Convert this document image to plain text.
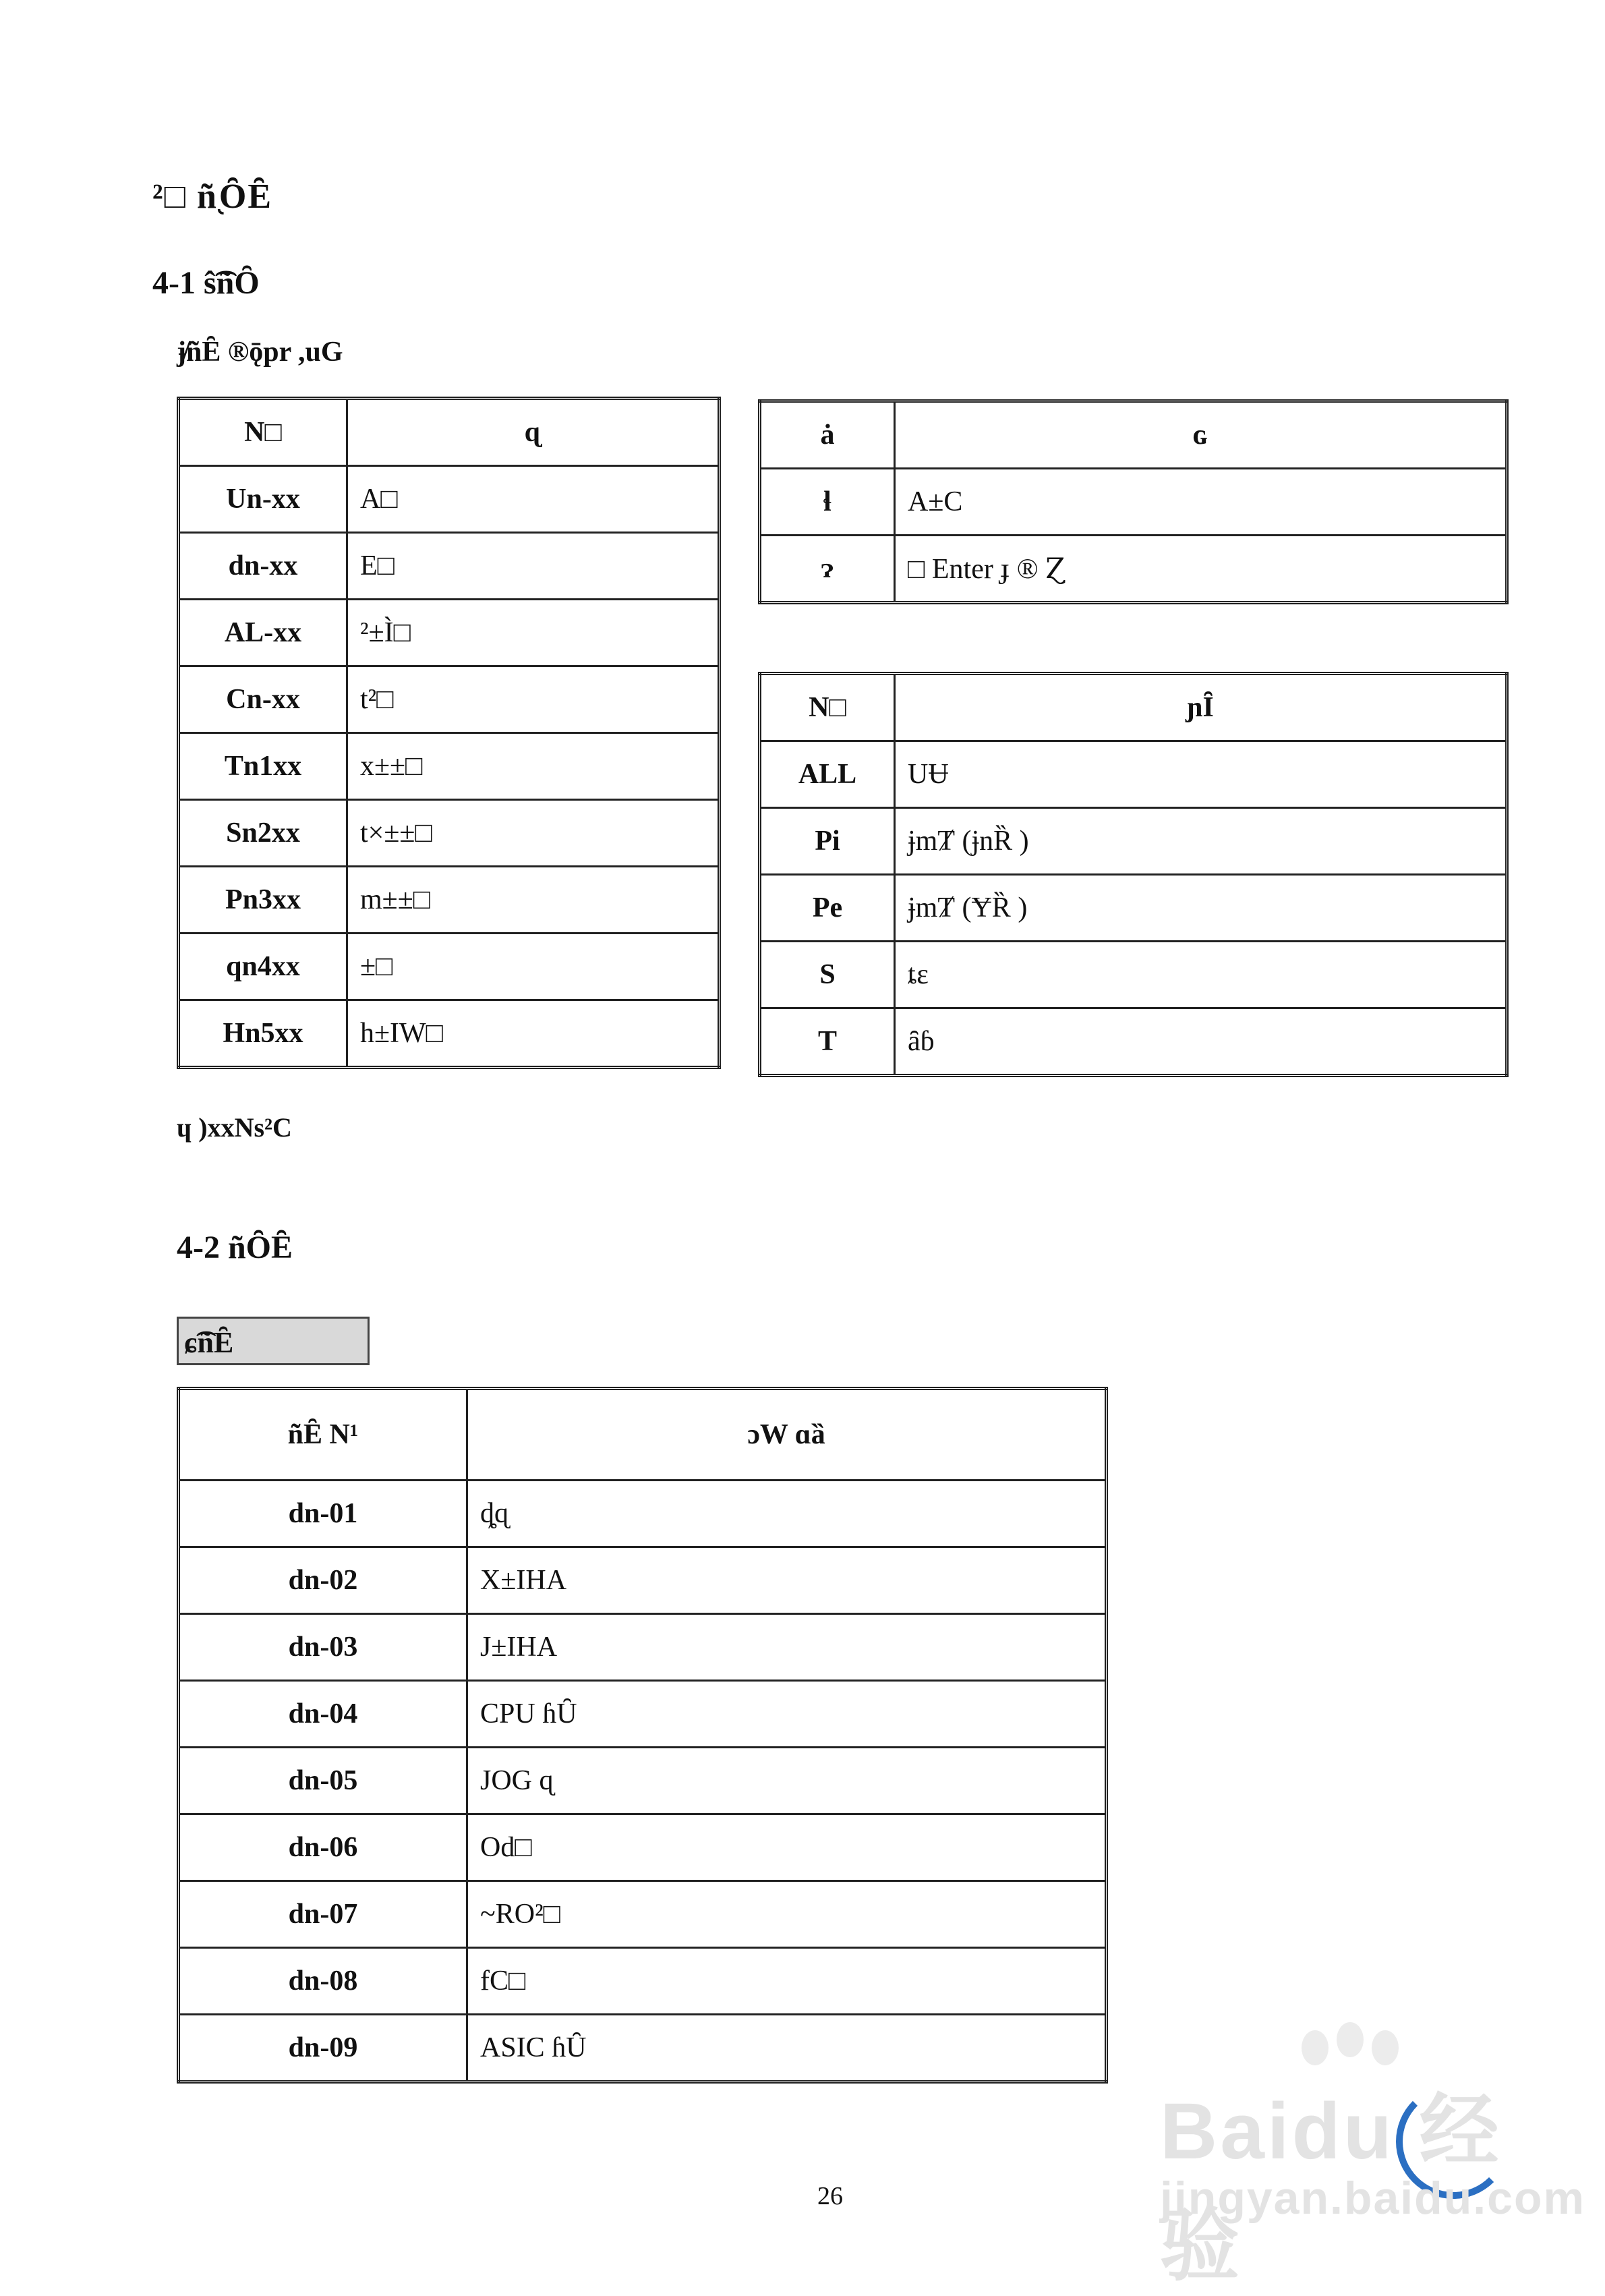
²□ ñ֭ȎȆ
4-1 ŝ͡ñȎ
ɉ̸ñȆ ®ǭpr ,uG
N□	ɋ
Un-xx	A□
dn-xx	E□
AL-xx	²±Ì□
Cn-xx	t²□
Tn1xx	x±±□
Sn2xx	t×±±□
Pn3xx	m±±□
qn4xx	±□
Hn5xx	h±IW□
ȧ	ɢ
ɬ	A±C
ɂ	□ Enter ɟ ® Ɀ
N□	ɲȊ
ALL	UɄ
Pi	ɉmȾ (ɉnȐ )
Pe	ɉmȾ (ɎȐ )
S	ȶɛ
T	ȃɓ
ɥ )xxNs²C
4-2 ñȎȆ
ɕ͡ñȆ
ñȆ N¹	ɔW ɑȁ
dn-01	ȡɋ
dn-02	X±IHA
dn-03	J±IHA
dn-04	CPU ɦȖ
dn-05	JOG ɋ
dn-06	Od□
dn-07	~RO²□
dn-08	fC□
dn-09	ASIC ɦȖ
26
Baidu 经验
jingyan.baidu.com
